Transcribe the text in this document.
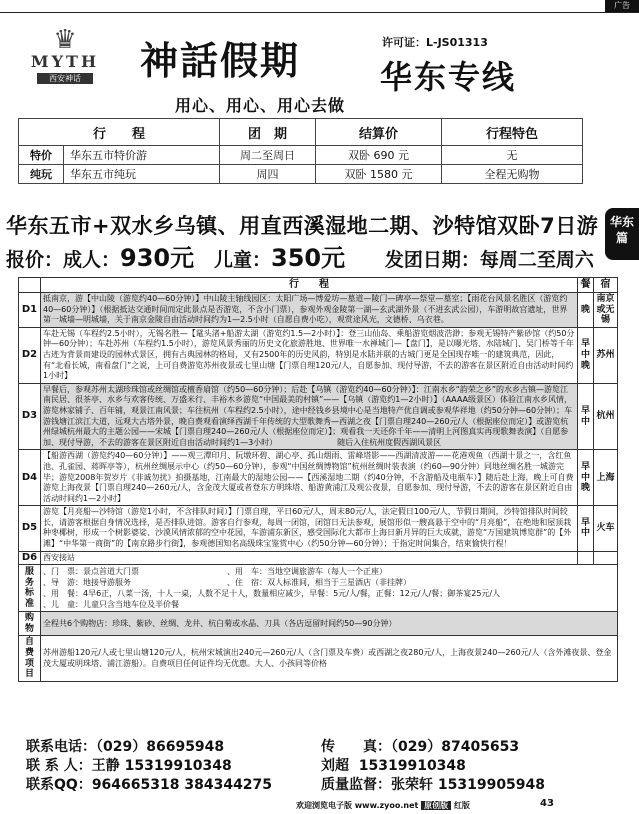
广告
♛
MYTH
西安神话	神話假期	许可证：L-JS01313
华东专线
用心、用心、用心去做
华东篇
行　　程		团　期	结算价	行程特色
特价	华东五市特价游	周二至周日	双卧 690 元	无
纯玩	华东五市纯玩	周四	双卧 1580 元	全程无购物
华东五市+双水乡乌镇、用直西溪湿地二期、沙特馆双卧7日游
报价：成人：930元 儿童：350元 发团日期：每周二至周六
	行　　程	餐	宿
D1	抵南京，游【中山陵（游览约40—60分钟）】中山陵主轴线园区：太阳广场—博爱坊—墓道—陵门—碑亭—祭堂—墓室；【雨花台风景名胜区（游览约40—60分钟）】（根据抵达交通时间而定此景点是否游览，不含小门票），参观外观金陵第一湖—玄武湖外景（不进玄武公园），车游明故宫遗址，世界第一城墙—明城墙，关于南京金陵自由活动时间约为1—2.5小时（自愿自费小吃），观赏途风光，文德桥、乌衣巷。	晚	南京或无锡
D2	车赴无锡（车程约2.5小时），无锡名胜—【鼋头渚+船游太湖（游览约1.5—2小时）】：登三山仙岛、乘船游览烟波浩渺；参观无锡特产紫砂馆（约50分钟—60分钟）；车赴苏州（车程约1.5小时），游览风景秀丽的历史文化旅游胜地、世界唯一水禅城门—【盘门】，是以曝光塔、水陆城门、吴门桥等千年古迹为背景而建设的园林式景区，拥有古典园林的格局，又有2500年的历史风韵，特别是水陆并联的古城门更是全国现存唯一的建筑典范，因此，有“北看长城，南看盘门”之说，上可自费游览苏州夜景或七里山塘【门票自理120元/人，自愿参加、现付导游，不去的游客在景区附近自由活动时间约1小时】	早中晚	苏州
D3	早餐后，参观苏州太湖珍珠馆或丝绸馆或檀香扇馆（约50—60分钟）；后赴【乌镇（游览约40—60分钟）】：江南水乡“韵荣之乡”的水乡古镇—游览江南民居、很茶亭、水乡与欢客传统、万盛米行、丰裕木乡游览“中国最美的村镇”——【乌镇（游览约1—2小时）】（AAAA级景区）体验江南水乡风情，游览林家铺子、百年铺，观景江南风景；车往杭州（车程约2.5小时），途中经钱乡县境中心是当地特产优自调或参观华祥地（约50分钟—60分钟）；车游钱塘江滨江大道，远观大古塔外景，晚自费观看演绎西湖千年传统的大型歌舞秀—西湖之夜【门票自理240—260元/人（根据座位而定）】或游览杭州绿城杭州最大的主题公园——宋城【门票自理240—260元/人（根据座位而定）】；观看我一天还你千年——清明上河图真实再现歌舞表演】（自愿参加、现付导游，不去的游客在景区附近自由活动时间约1—3小时）　　　　　　　　随后入住杭州度假西湖风景区	早中	杭州
D4	【船游西湖（游览约40—60分钟）】——观三潭印月、阮墩环碧、湖心亭、孤山烟雨、雷峰塔影——西湖清波游——花港观鱼（西湖十景之一，含红鱼池、孔雀园、蒋晖亭等），杭州丝绸展示中心（约50—60分钟），参观“中国丝绸博物馆”杭州丝绸时装表演（约60—90分钟）同地丝绸名胜一城游完毕；游览2008年贺岁片《非诚勿扰》拍摄基地，江南最大的湿地公园——【西溪湿地二期（约40分钟，不含游船及电瓶车）】随后赴上海，晚上可自费游览上海夜景【门票自理240—260元/人，含金茂大厦或者登东方明珠塔、船游黄浦江及观公夜景，自愿参加、现付导游，不去的游客在景区附近自由活动时间约1—2小时】	早中晚	上海
D5	游览【月亮船—沙特馆（游览1小时，不含排队时间）】门票自理，平日60元/人，周末80元/人，法定假日100元/人，节假日期间，沙特馆排队时间较长，请游客根据自身情况选择，是否排队进馆。游客自行参观，每周一闭馆，闭馆日无法参观，展馆形似一艘高悬于空中的“月亮船”，在绝地和屋顶栽种枣椰树，形成一个树影婆娑、沙漠风情浓郁的空中花园，车游浦东新区，感受国际化大都市上海日新月异的巨大成就，游览“万国建筑博览群”的【外滩】“中华第一商街”的【南京路步行街】，参观德国知名高级珠宝鉴赏中心（约50分钟—60分钟）；于指定时间集合，结束愉快行程！	早中	火车
D6	西安接站		
服务标准	、门　票：景点首道大门票　　　　　　　　　　　、用　车：当地空调旅游车（每人一个正座）
、导　游：地接导游服务　　　　　　　　　　　　、住　宿：双人标准间，相当于三星酒店（非挂牌）
、用　餐：4早6正，八菜一汤，十人一桌，人数不足十人，数量相应减少，早餐：5元/人/餐，正餐：12元/人/餐；御茶宴25元/人
、儿　童：儿童只含当地车位及半价餐		

购物	全程共6个购物店：珍珠、紫砂、丝绸、龙井、杭白菊或水晶、刀具（各店逗留时间约50—90分钟）		
自费项目	苏州游船120元/人或七里山塘120元/人，杭州宋城演出240元—260元/人（含门票及车费）或西湖之夜280元/人，上海夜景240—260元/人（含外滩夜景、登金茂大厦或明珠塔、浦江游船）。自费项目任何证件均无优惠。大人、小孩同等价格		
联系电话：（029）86695948	传　　真：（029）87405653
联 系 人：王静 15319910348	刘超 15319910348
联系QQ：964665318 384344275	质量监督：张荣轩 15319905948
欢迎浏览电子版 www.zyoo.net 原创版 红版	43
